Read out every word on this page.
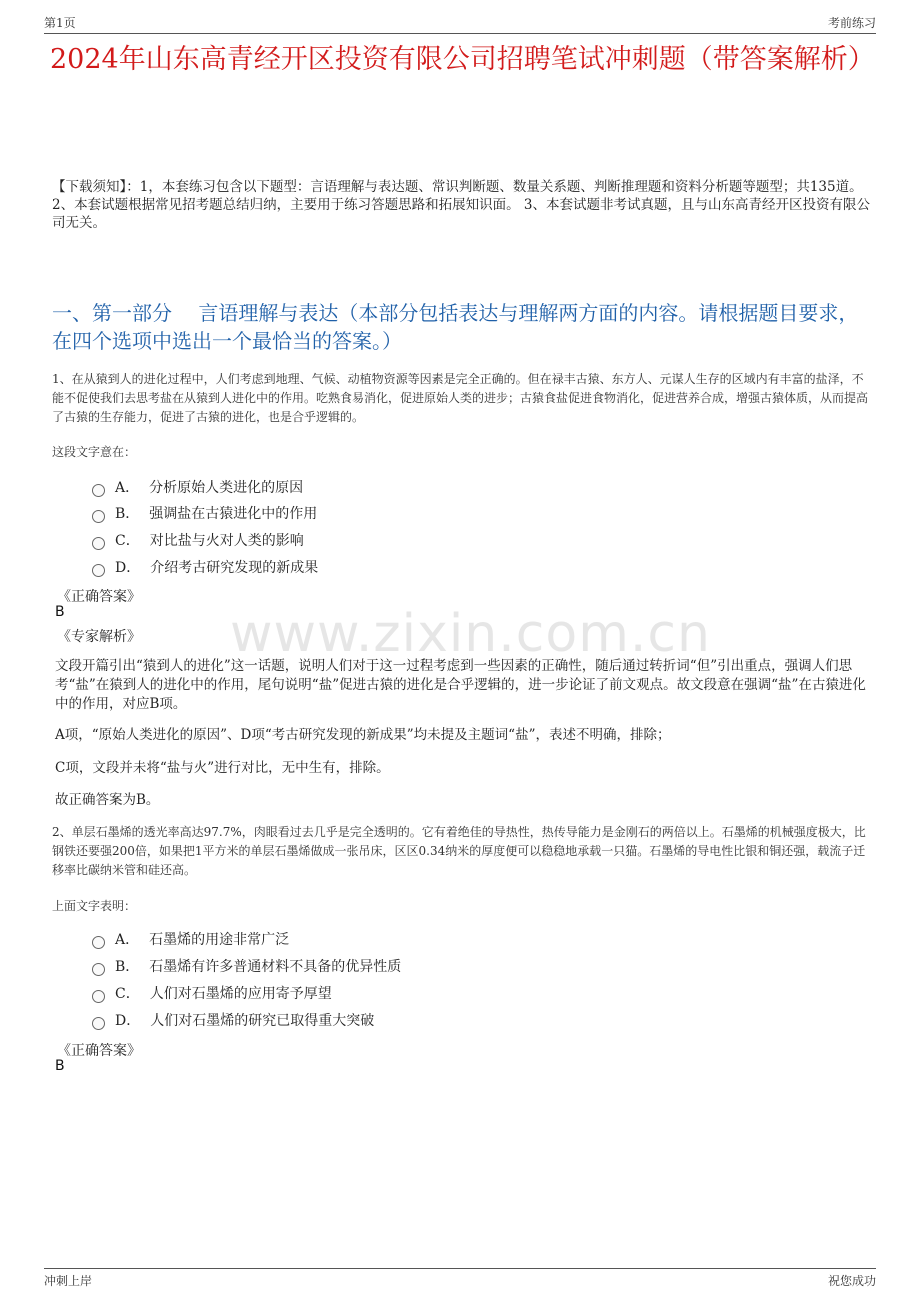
第1页	考前练习
2024年山东高青经开区投资有限公司招聘笔试冲刺题（带答案解析）
【下载须知】：1，本套练习包含以下题型：言语理解与表达题、常识判断题、数量关系题、判断推理题和资料分析题等题型；共135道。 2、本套试题根据常见招考题总结归纳，主要用于练习答题思路和拓展知识面。 3、本套试题非考试真题，且与山东高青经开区投资有限公司无关。
一、第一部分　 言语理解与表达（本部分包括表达与理解两方面的内容。请根据题目要求，在四个选项中选出一个最恰当的答案。）
1、在从猿到人的进化过程中，人们考虑到地理、气候、动植物资源等因素是完全正确的。但在禄丰古猿、东方人、元谋人生存的区域内有丰富的盐泽，不能不促使我们去思考盐在从猿到人进化中的作用。吃熟食易消化，促进原始人类的进步；古猿食盐促进食物消化，促进营养合成，增强古猿体质，从而提高了古猿的生存能力，促进了古猿的进化，也是合乎逻辑的。
这段文字意在：
A． 分析原始人类进化的原因
B． 强调盐在古猿进化中的作用
C． 对比盐与火对人类的影响
D． 介绍考古研究发现的新成果
《正确答案》
B
《专家解析》 www.zixin.com.cn
文段开篇引出“猿到人的进化”这一话题，说明人们对于这一过程考虑到一些因素的正确性，随后通过转折词“但”引出重点，强调人们思考“盐”在猿到人的进化中的作用，尾句说明“盐”促进古猿的进化是合乎逻辑的，进一步论证了前文观点。故文段意在强调“盐”在古猿进化中的作用，对应B项。
A项，“原始人类进化的原因”、D项“考古研究发现的新成果”均未提及主题词“盐”，表述不明确，排除；
C项，文段并未将“盐与火”进行对比，无中生有，排除。
故正确答案为B。
2、单层石墨烯的透光率高达97.7%，肉眼看过去几乎是完全透明的。它有着绝佳的导热性，热传导能力是金刚石的两倍以上。石墨烯的机械强度极大，比钢铁还要强200倍，如果把1平方米的单层石墨烯做成一张吊床，区区0.34纳米的厚度便可以稳稳地承载一只猫。石墨烯的导电性比银和铜还强，载流子迁移率比碳纳米管和硅还高。
上面文字表明：
A． 石墨烯的用途非常广泛
B． 石墨烯有许多普通材料不具备的优异性质
C． 人们对石墨烯的应用寄予厚望
D． 人们对石墨烯的研究已取得重大突破
《正确答案》
B
冲刺上岸	祝您成功
